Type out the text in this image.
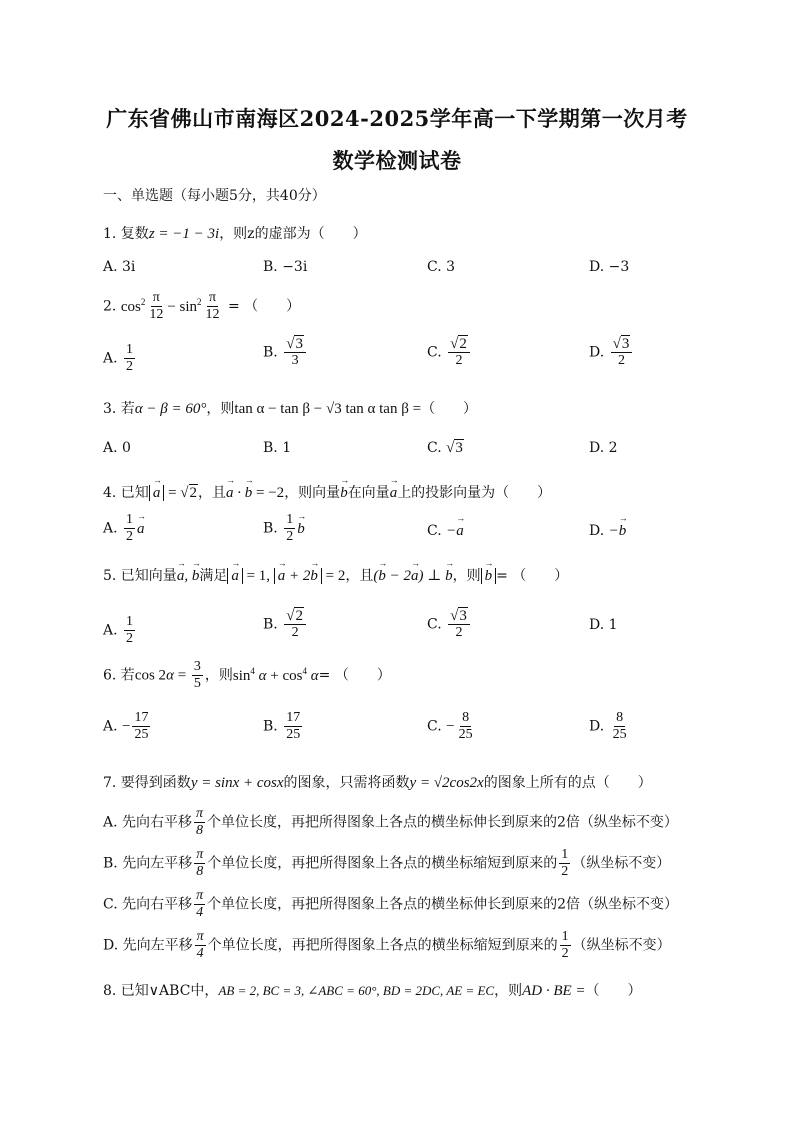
广东省佛山市南海区2024-2025学年高一下学期第一次月考
数学检测试卷
一、单选题（每小题5分，共40分）
1. 复数z = −1 − 3i，则z的虚部为（　　）
A. 3i	B. −3i	C. 3	D. −3
2. $\cos^2 \frac{\pi}{12} - \sin^2 \frac{\pi}{12}$ = （　　）
A. $\frac{1}{2}$	B. $\frac{√3}{3}$	C. $\frac{√2}{2}$	D. $\frac{√3}{2}$
3. 若α − β = 60°，则tan α − tan β − √3 tan α tan β =（　　）
A. 0	B. 1	C. √3	D. 2
4. 已知→ a = √2，且→ a · → b = −2，则向量→ b在向量→ a上的投影向量为（　　）
A. $\frac{1}{2}$
→ a	B. $\frac{1}{2}$
→ b	C. −→ a	D. −→ b
5. 已知向量→ a, → b满足→ a = 1, → a + 2→ b = 2，且(→ b − 2→ a) ⊥ → b，则→ b = （　　）
A. $\frac{1}{2}$	B. $\frac{√2}{2}$	C. $\frac{√3}{2}$	D. 1
6. 若$\cos 2\alpha = \frac{3}{5}$ ，则$\sin^4 \alpha + \cos^4 \alpha=$ （　　）
A. − $\frac{17}{25}$	B. $\frac{17}{25}$	C. − $\frac{8}{25}$	D. $\frac{8}{25}$
7. 要得到函数y = sinx + cosx的图象，只需将函数y = √2cos2x的图象上所有的点（　　）
A. 先向右平移 $\frac{\pi}{8}$ 个单位长度，再把所得图象上各点的横坐标伸长到原来的2倍（纵坐标不变）
B. 先向左平移 $\frac{\pi}{8}$ 个单位长度，再把所得图象上各点的横坐标缩短到原来的 $\frac{1}{2}$ （纵坐标不变）
C. 先向右平移 $\frac{\pi}{4}$ 个单位长度，再把所得图象上各点的横坐标伸长到原来的2倍（纵坐标不变）
D. 先向左平移 $\frac{\pi}{4}$ 个单位长度，再把所得图象上各点的横坐标缩短到原来的 $\frac{1}{2}$ （纵坐标不变）
8. 已知∨ABC中，AB = 2, BC = 3, ∠ABC = 60°, BD = 2DC, AE = EC，则AD · BE =（　　）
